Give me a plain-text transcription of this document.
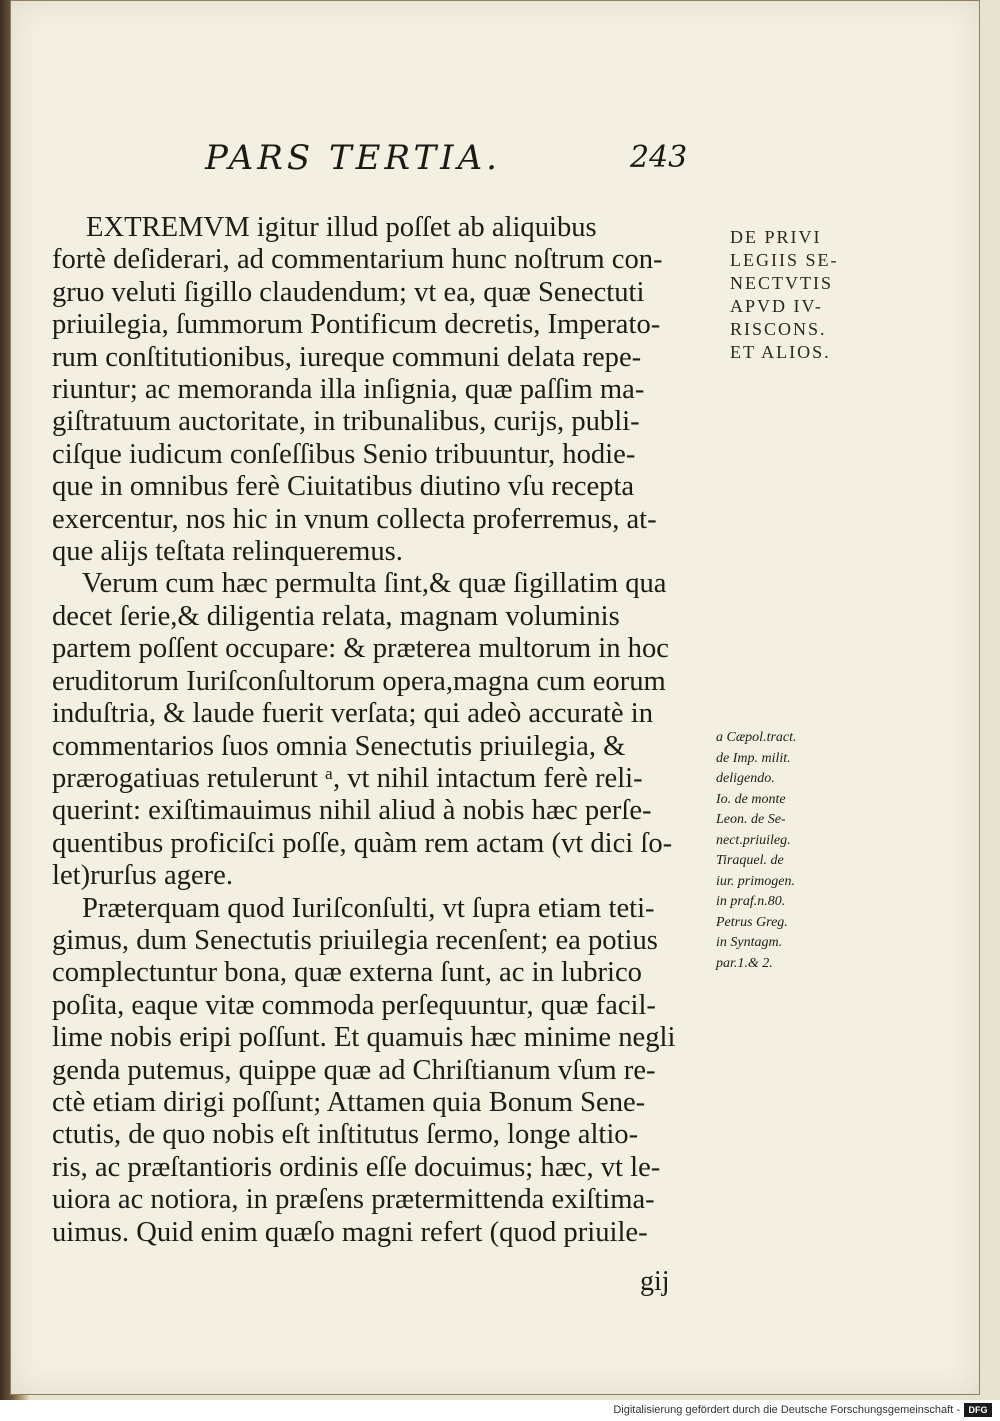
PARS TERTIA.	243
EXTREMVM igitur illud poſſet ab aliquibus
fortè deſiderari, ad commentarium hunc noſtrum con-
gruo veluti ſigillo claudendum; vt ea, quæ Senectuti
priuilegia, ſummorum Pontificum decretis, Imperato-
rum conſtitutionibus, iureque communi delata repe-
riuntur; ac memoranda illa inſignia, quæ paſſim ma-
giſtratuum auctoritate, in tribunalibus, curijs, publi-
ciſque iudicum conſeſſibus Senio tribuuntur, hodie-
que in omnibus ferè Ciuitatibus diutino vſu recepta
exercentur, nos hic in vnum collecta proferremus, at-
que alijs teſtata relinqueremus.
Verum cum hæc permulta ſint,& quæ ſigillatim qua
decet ſerie,& diligentia relata, magnam voluminis
partem poſſent occupare: & præterea multorum in hoc
eruditorum Iuriſconſultorum opera,magna cum eorum
induſtria, & laude fuerit verſata; qui adeò accuratè in
commentarios ſuos omnia Senectutis priuilegia, &
prærogatiuas retulerunt ᵃ, vt nihil intactum ferè reli-
querint: exiſtimauimus nihil aliud à nobis hæc perſe-
quentibus proficiſci poſſe, quàm rem actam (vt dici ſo-
let)rurſus agere.
Præterquam quod Iuriſconſulti, vt ſupra etiam teti-
gimus, dum Senectutis priuilegia recenſent; ea potius
complectuntur bona, quæ externa ſunt, ac in lubrico
poſita, eaque vitæ commoda perſequuntur, quæ facil-
lime nobis eripi poſſunt. Et quamuis hæc minime negli
genda putemus, quippe quæ ad Chriſtianum vſum re-
ctè etiam dirigi poſſunt; Attamen quia Bonum Sene-
ctutis, de quo nobis eſt inſtitutus ſermo, longe altio-
ris, ac præſtantioris ordinis eſſe docuimus; hæc, vt le-
uiora ac notiora, in præſens prætermittenda exiſtima-
uimus. Quid enim quæſo magni refert (quod priuile-
DE PRIVI
LEGIIS SE-
NECTVTIS
APVD IV-
RISCONS.
ET ALIOS.
a Cæpol.tract.
de Imp. milit.
deligendo.
Io. de monte
Leon. de Se-
nect.priuileg.
Tiraquel. de
iur. primogen.
in praf.n.80.
Petrus Greg.
in Syntagm.
par.1.& 2.
gij
Digitalisierung gefördert durch die Deutsche Forschungsgemeinschaft - DFG
